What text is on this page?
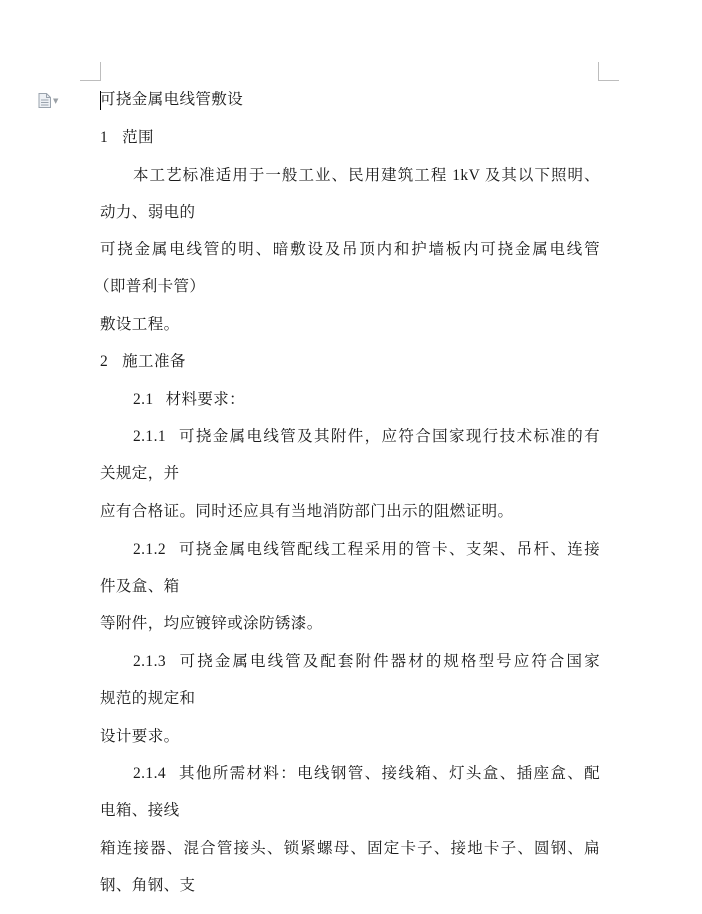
▼	可挠金属电线管敷设
1 范围
本工艺标准适用于一般工业、民用建筑工程 1kV 及其以下照明、
动力、弱电的
可挠金属电线管的明、暗敷设及吊顶内和护墙板内可挠金属电线管
（即普利卡管）
敷设工程。
2 施工准备
2.1 材料要求：
2.1.1 可挠金属电线管及其附件，应符合国家现行技术标准的有
关规定，并
应有合格证。同时还应具有当地消防部门出示的阻燃证明。
2.1.2 可挠金属电线管配线工程采用的管卡、支架、吊杆、连接
件及盒、箱
等附件，均应镀锌或涂防锈漆。
2.1.3 可挠金属电线管及配套附件器材的规格型号应符合国家
规范的规定和
设计要求。
2.1.4 其他所需材料：电线钢管、接线箱、灯头盒、插座盒、配
电箱、接线
箱连接器、混合管接头、锁紧螺母、固定卡子、接地卡子、圆钢、扁
钢、角钢、支
